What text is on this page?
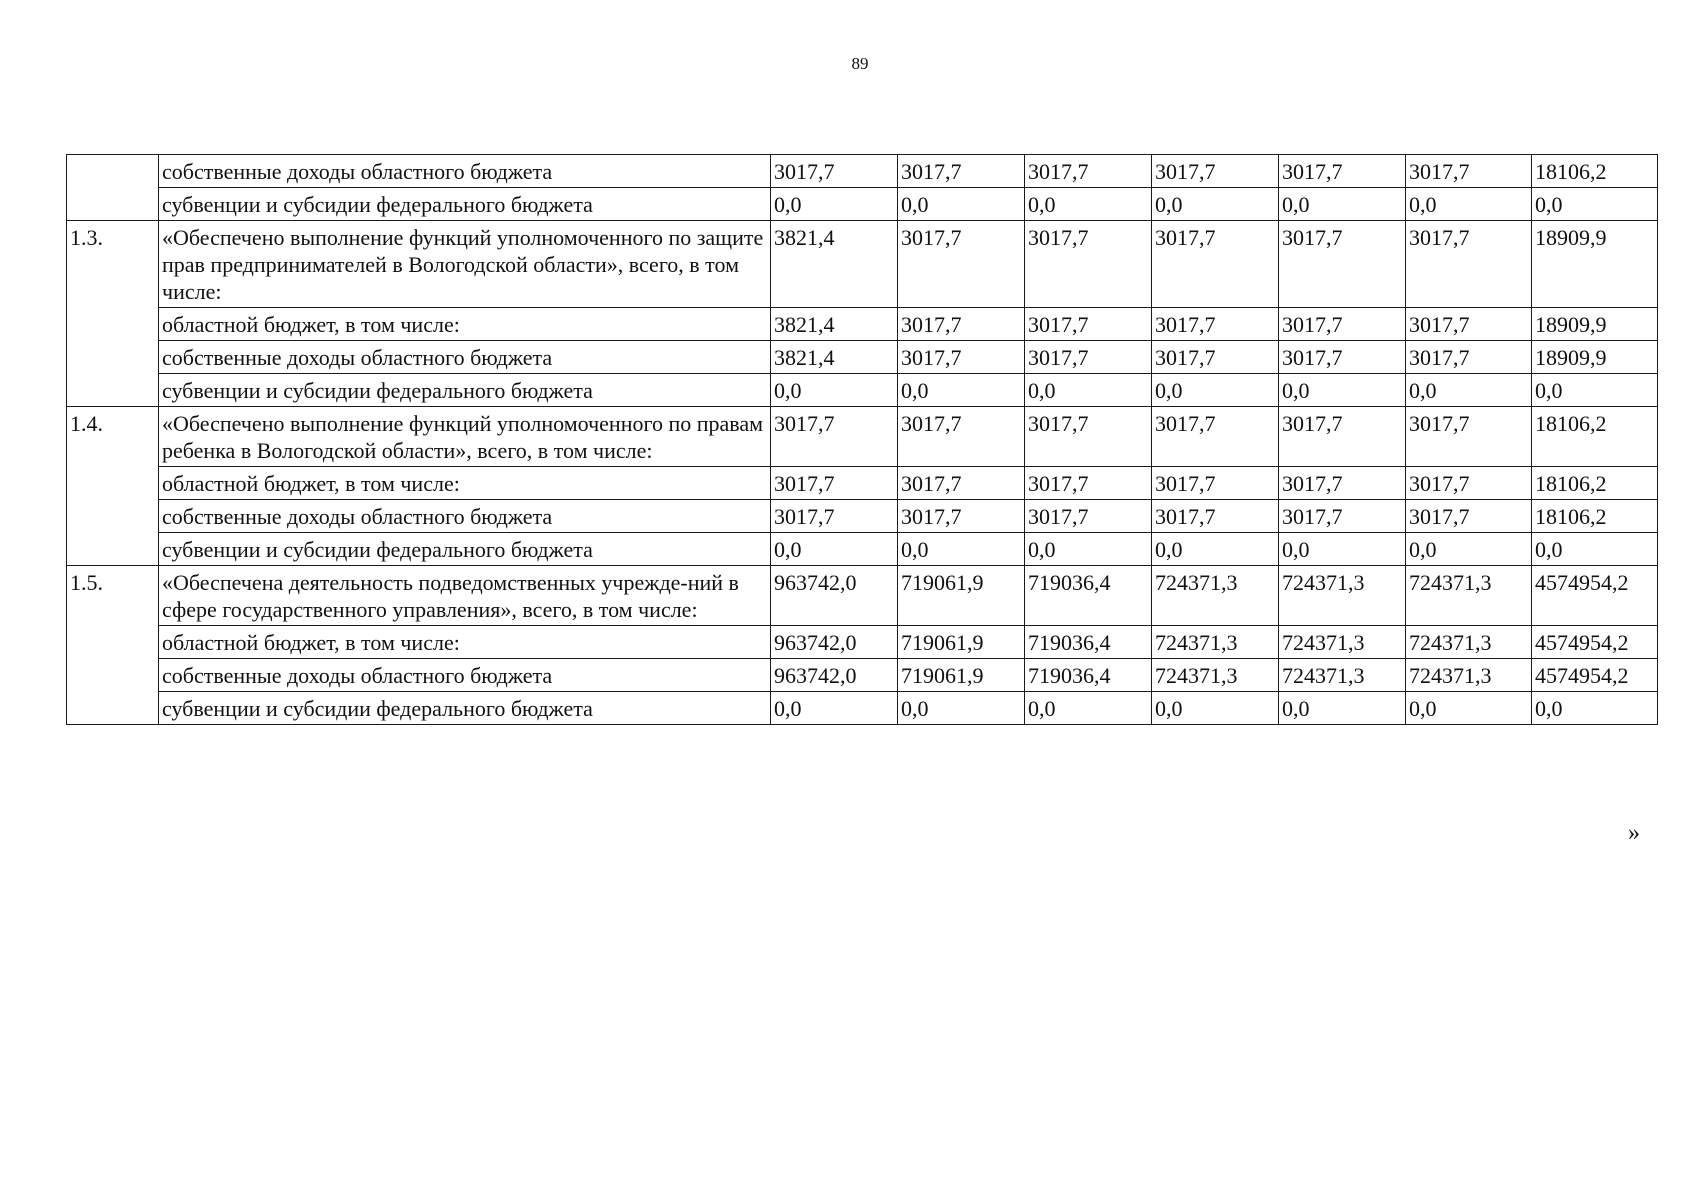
89
	собственные доходы областного бюджета	3017,7	3017,7	3017,7	3017,7	3017,7	3017,7	18106,2
	субвенции и субсидии федерального бюджета	0,0	0,0	0,0	0,0	0,0	0,0	0,0
1.3.	«Обеспечено выполнение функций уполномоченного по защите прав предпринимателей в Вологодской области», всего, в том числе:	3821,4	3017,7	3017,7	3017,7	3017,7	3017,7	18909,9
	областной бюджет, в том числе:	3821,4	3017,7	3017,7	3017,7	3017,7	3017,7	18909,9
	собственные доходы областного бюджета	3821,4	3017,7	3017,7	3017,7	3017,7	3017,7	18909,9
	субвенции и субсидии федерального бюджета	0,0	0,0	0,0	0,0	0,0	0,0	0,0
1.4.	«Обеспечено выполнение функций уполномоченного по правам ребенка в Вологодской области», всего, в том числе:	3017,7	3017,7	3017,7	3017,7	3017,7	3017,7	18106,2
	областной бюджет, в том числе:	3017,7	3017,7	3017,7	3017,7	3017,7	3017,7	18106,2
	собственные доходы областного бюджета	3017,7	3017,7	3017,7	3017,7	3017,7	3017,7	18106,2
	субвенции и субсидии федерального бюджета	0,0	0,0	0,0	0,0	0,0	0,0	0,0
1.5.	«Обеспечена деятельность подведомственных учрежде-ний в сфере государственного управления», всего, в том числе:	963742,0	719061,9	719036,4	724371,3	724371,3	724371,3	4574954,2
	областной бюджет, в том числе:	963742,0	719061,9	719036,4	724371,3	724371,3	724371,3	4574954,2
	собственные доходы областного бюджета	963742,0	719061,9	719036,4	724371,3	724371,3	724371,3	4574954,2
	субвенции и субсидии федерального бюджета	0,0	0,0	0,0	0,0	0,0	0,0	0,0
»
